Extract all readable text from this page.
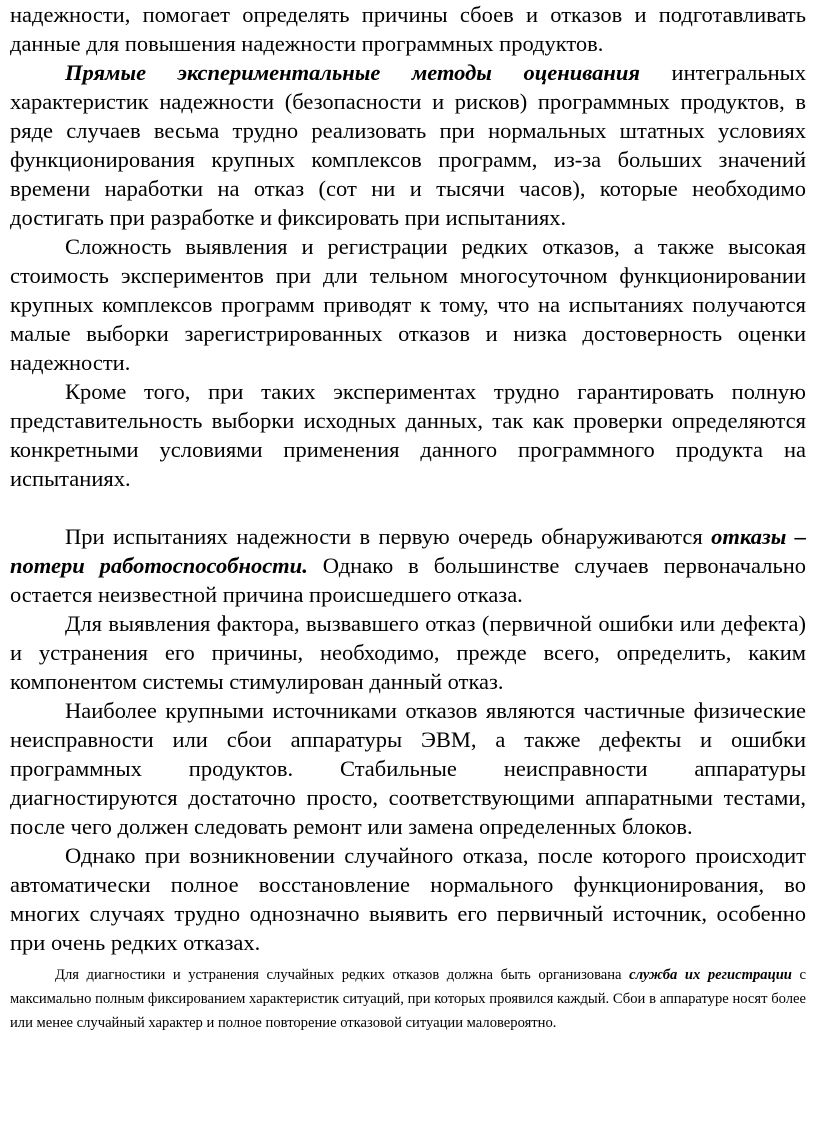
надежности, помогает определять причины сбоев и отказов и подготавливать данные для повышения надежности программных продуктов.

Прямые экспериментальные методы оценивания интегральных характеристик надежности (безопасности и рисков) программных продуктов, в ряде случаев весьма трудно реализовать при нормальных штатных условиях функционирования крупных комплексов программ, из-за больших значений времени наработки на отказ (сот ни и тысячи часов), которые необходимо достигать при разработке и фиксировать при испытаниях.

Сложность выявления и регистрации редких отказов, а также высокая стоимость экспериментов при дли тельном многосуточном функционировании крупных комплексов программ приводят к тому, что на испытаниях получаются малые выборки зарегистрированных отказов и низка достоверность оценки надежности.

Кроме того, при таких экспериментах трудно гарантировать полную представительность выборки исходных данных, так как проверки определяются конкретными условиями применения данного программного продукта на испытаниях.

При испытаниях надежности в первую очередь обнаруживаются отказы – потери работоспособности. Однако в большинстве случаев первоначально остается неизвестной причина происшедшего отказа.

Для выявления фактора, вызвавшего отказ (первичной ошибки или дефекта) и устранения его причины, необходимо, прежде всего, определить, каким компонентом системы стимулирован данный отказ.

Наиболее крупными источниками отказов являются частичные физические неисправности или сбои аппаратуры ЭВМ, а также дефекты и ошибки программных продуктов. Стабильные неисправности аппаратуры диагностируются достаточно просто, соответствующими аппаратными тестами, после чего должен следовать ремонт или замена определенных блоков.

Однако при возникновении случайного отказа, после которого происходит автоматически полное восстановление нормального функционирования, во многих случаях трудно однозначно выявить его первичный источник, особенно при очень редких отказах.

Для диагностики и устранения случайных редких отказов должна быть организована служба их регистрации с максимально полным фиксированием характеристик ситуаций, при которых проявился каждый. Сбои в аппаратуре носят более или менее случайный характер и полное повторение отказовой ситуации маловероятно.
